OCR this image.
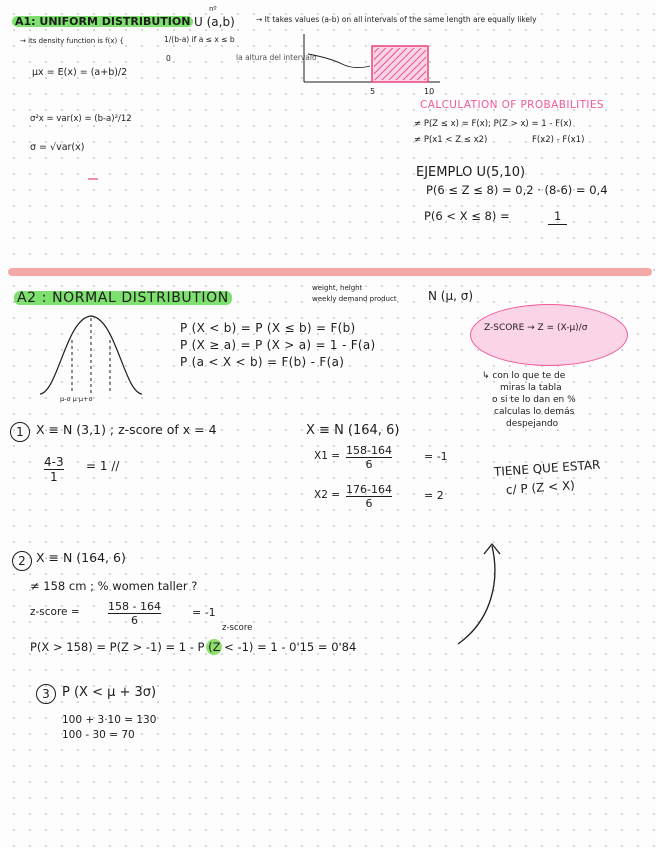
A1: UNIFORM DISTRIBUTION U (a,b)
nº
→ It takes values (a-b) on all intervals of the same length are equally likely
→ its density function is f(x) {	1/(b-a) if a ≤ x ≤ b
0	la altura del intervalo
μx = E(x) = (a+b)/2
σ²x = var(x) = (b-a)²/12
σ = √var(x)
5	10
CALCULATION OF PROBABILITIES
≠ P(Z ≤ x) = F(x); P(Z > x) = 1 - F(x)
≠ P(x1 < Z ≤ x2)	F(x2) - F(x1)
EJEMPLO U(5,10)
P(6 ≤ Z ≤ 8) = 0,2 · (8-6) = 0,4
P(6 < X ≤ 8) =	1
A2 : NORMAL DISTRIBUTION
weight, height
weekly demand product	N (μ, σ)
μ-σ μ μ+σ
P (X < b) = P (X ≤ b) = F(b)
P (X ≥ a) = P (X > a) = 1 - F(a)
P (a < X < b) = F(b) - F(a)
Z-SCORE → Z = (X-μ)/σ
↳ con lo que te de
miras la tabla
o si te lo dan en %
calculas lo demás
despejando
TIENE QUE ESTAR
c/ P (Z < X)
1 X ≡ N (3,1) ; z-score of x = 4
$\frac{4-3}{1} = 1$ //
X ≡ N (164, 6)
$X1 = \frac{158-164}{6}$	= -1
$X2 = \frac{176-164}{6}$	= 2
2 X ≡ N (164, 6)
≠ 158 cm ; % women taller ?
z-score =	$\frac{158 - 164}{6}$	= -1
z-score
P(X > 158) = P(Z > -1) = 1 - P (Z < -1) = 1 - 0'15 = 0'84
3 P (X < μ + 3σ)
100 + 3·10 = 130
100 - 30 = 70
